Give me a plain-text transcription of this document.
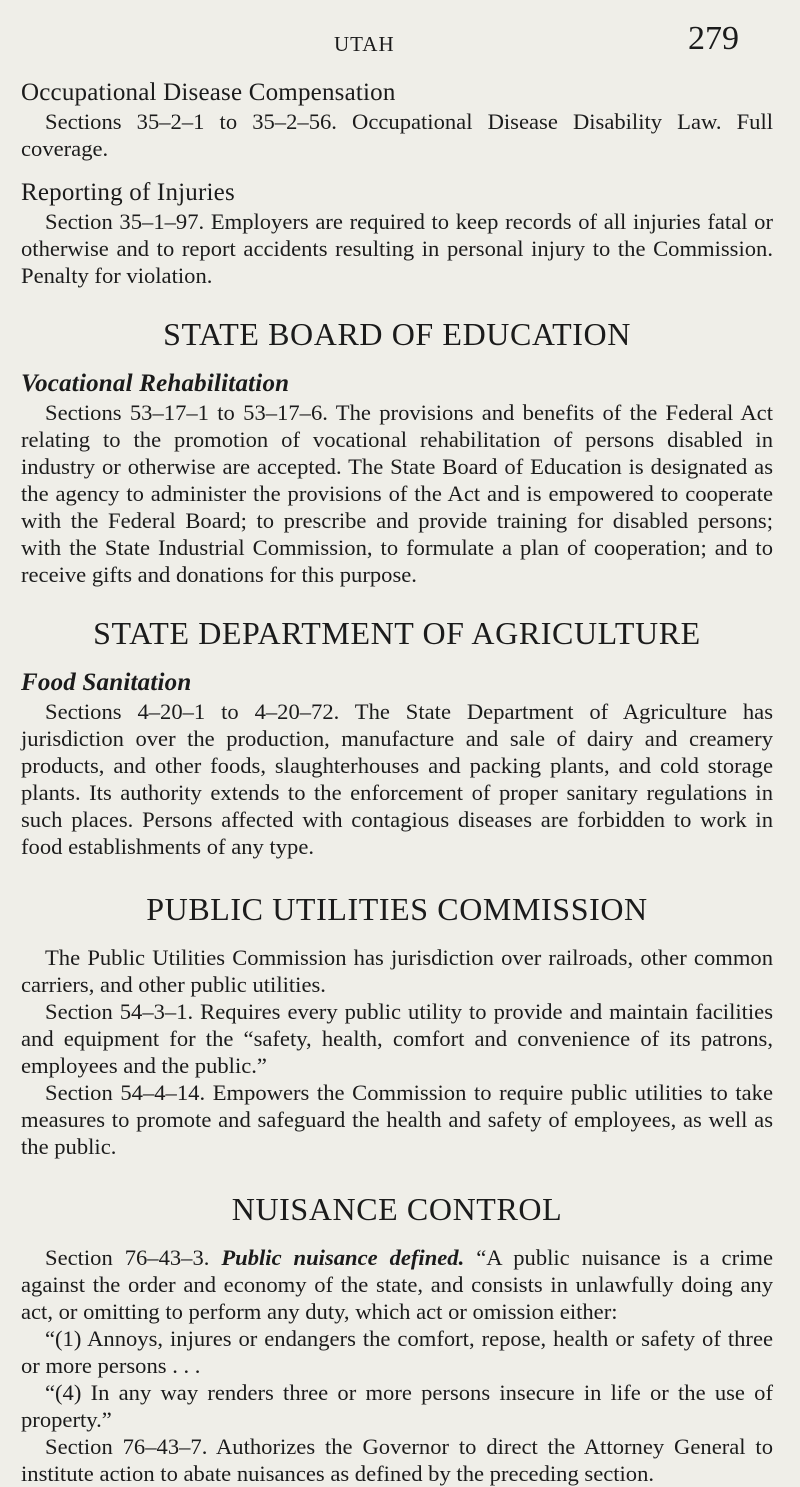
UTAH	279
Occupational Disease Compensation

Sections 35–2–1 to 35–2–56. Occupational Disease Disability Law. Full coverage.

Reporting of Injuries

Section 35–1–97. Employers are required to keep records of all injuries fatal or otherwise and to report accidents resulting in personal injury to the Commission. Penalty for violation.

STATE BOARD OF EDUCATION
Vocational Rehabilitation

Sections 53–17–1 to 53–17–6. The provisions and benefits of the Federal Act relating to the promotion of vocational rehabilitation of persons disabled in industry or otherwise are accepted. The State Board of Education is designated as the agency to administer the provisions of the Act and is empowered to cooperate with the Federal Board; to prescribe and provide training for disabled persons; with the State Industrial Commission, to formulate a plan of cooperation; and to receive gifts and donations for this purpose.

STATE DEPARTMENT OF AGRICULTURE
Food Sanitation

Sections 4–20–1 to 4–20–72. The State Department of Agriculture has jurisdiction over the production, manufacture and sale of dairy and creamery products, and other foods, slaughterhouses and packing plants, and cold storage plants. Its authority extends to the enforcement of proper sanitary regulations in such places. Persons affected with contagious diseases are forbidden to work in food establishments of any type.

PUBLIC UTILITIES COMMISSION

The Public Utilities Commission has jurisdiction over railroads, other common carriers, and other public utilities.

Section 54–3–1. Requires every public utility to provide and maintain facilities and equipment for the “safety, health, comfort and convenience of its patrons, employees and the public.”

Section 54–4–14. Empowers the Commission to require public utilities to take measures to promote and safeguard the health and safety of employees, as well as the public.

NUISANCE CONTROL

Section 76–43–3. Public nuisance defined. “A public nuisance is a crime against the order and economy of the state, and consists in unlawfully doing any act, or omitting to perform any duty, which act or omission either:

“(1) Annoys, injures or endangers the comfort, repose, health or safety of three or more persons . . .

“(4) In any way renders three or more persons insecure in life or the use of property.”

Section 76–43–7. Authorizes the Governor to direct the Attorney General to institute action to abate nuisances as defined by the preceding section.
